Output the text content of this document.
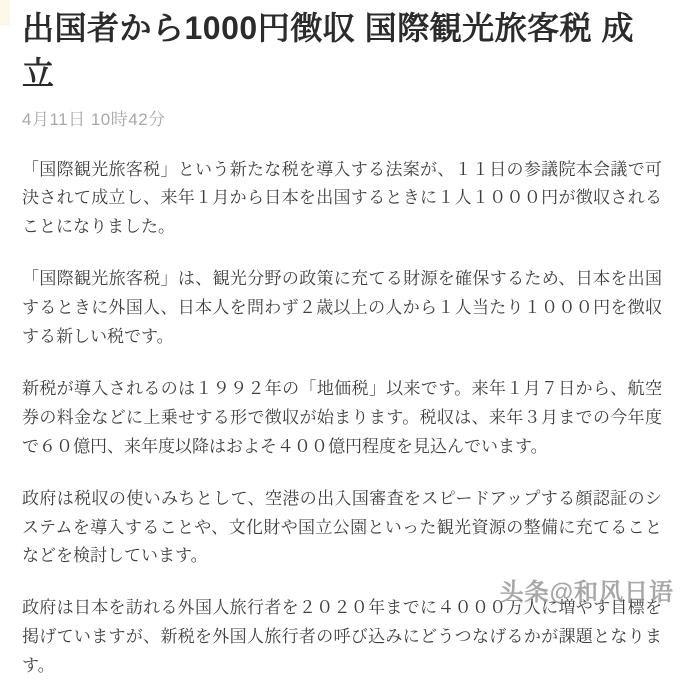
出国者から1000円徴収 国際観光旅客税 成立
4月11日 10時42分

「国際観光旅客税」という新たな税を導入する法案が、１１日の参議院本会議で可決されて成立し、来年１月から日本を出国するときに１人１０００円が徴収されることになりました。

「国際観光旅客税」は、観光分野の政策に充てる財源を確保するため、日本を出国するときに外国人、日本人を問わず２歳以上の人から１人当たり１０００円を徴収する新しい税です。

新税が導入されるのは１９９２年の「地価税」以来です。来年１月７日から、航空券の料金などに上乗せする形で徴収が始まります。税収は、来年３月までの今年度で６０億円、来年度以降はおよそ４００億円程度を見込んでいます。

政府は税収の使いみちとして、空港の出入国審査をスピードアップする顔認証のシステムを導入することや、文化財や国立公園といった観光資源の整備に充てることなどを検討しています。

政府は日本を訪れる外国人旅行者を２０２０年までに４０００万人に増やす目標を掲げていますが、新税を外国人旅行者の呼び込みにどうつなげるかが課題となります。

头条@和风日语
